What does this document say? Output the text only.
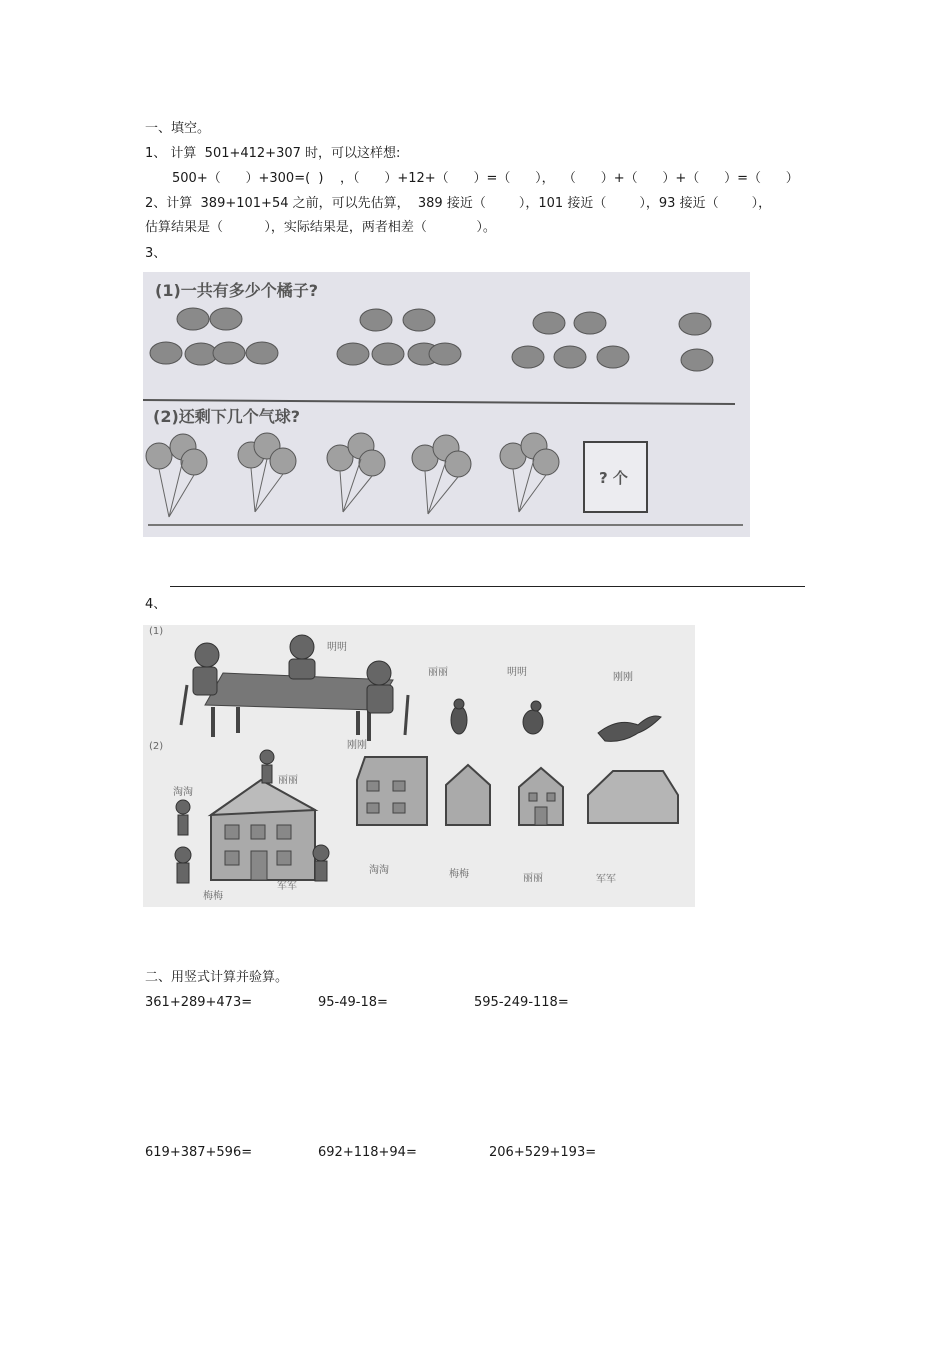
一、填空。
1、 计算  501+412+307 时，可以这样想:
500+（      ）+300=(  )    ，（      ）+12+（      ）=（      ），  （      ）+（      ）+（      ）=（      ）
2、计算  389+101+54 之前，可以先估算，  389 接近（        ），101 接近（        ），93 接近（        ），
估算结果是（          ），实际结果是，两者相差（            ）。
3、
(1)一共有多少个橘子?
(2)还剩下几个气球?
? 个
4、
(1)
(2)
明明
丽丽	明明	刚刚
刚刚
淘淘
丽丽
梅梅
军军
淘淘	梅梅	丽丽	军军
二、用竖式计算并验算。
361+289+473=	95-49-18=	595-249-118=
619+387+596=	692+118+94=	206+529+193=
